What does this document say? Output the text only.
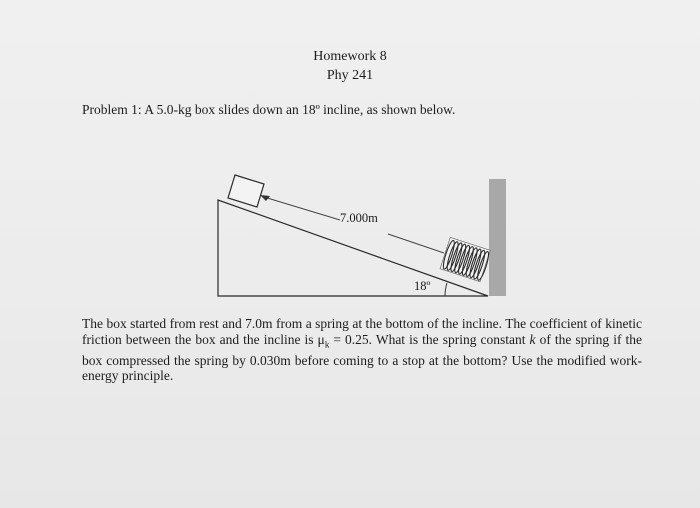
Homework 8
Phy 241
Problem 1: A 5.0-kg box slides down an 18º incline, as shown below.
7.000m
18º
The box started from rest and 7.0m from a spring at the bottom of the incline. The coefficient of kinetic friction between the box and the incline is $\mu_k = 0.25$. What is the spring constant k of the spring if the box compressed the spring by 0.030m before coming to a stop at the bottom? Use the modified work-energy principle.
